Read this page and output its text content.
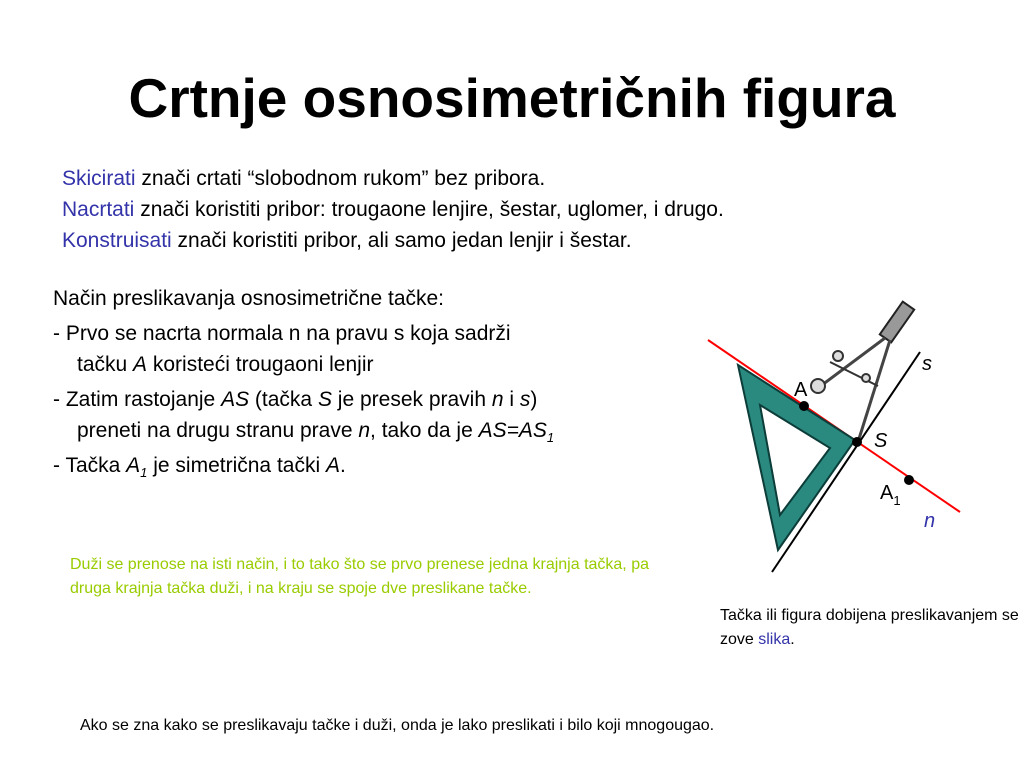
Crtnje osnosimetričnih figura
Skicirati znači crtati “slobodnom rukom” bez pribora.
Nacrtati znači koristiti pribor: trougaone lenjire, šestar, uglomer, i drugo.
Konstruisati znači koristiti pribor, ali samo jedan lenjir i šestar.
Način preslikavanja osnosimetrične tačke:
- Prvo se nacrta normala n na pravu s koja sadrži
tačku A koristeći trougaoni lenjir
- Zatim rastojanje AS (tačka S je presek pravih n i s)
preneti na drugu stranu prave n, tako da je $AS=AS_1$
- Tačka $A_1$ je simetrična tački A.
Duži se prenose na isti način, i to tako što se prvo prenese jedna krajnja tačka, pa druga krajnja tačka duži, i na kraju se spoje dve preslikane tačke.
Tačka ili figura dobijena preslikavanjem se zove slika.
Ako se zna kako se preslikavaju tačke i duži, onda je lako preslikati i bilo koji mnogougao.
s
n
A
S
$A_1$
